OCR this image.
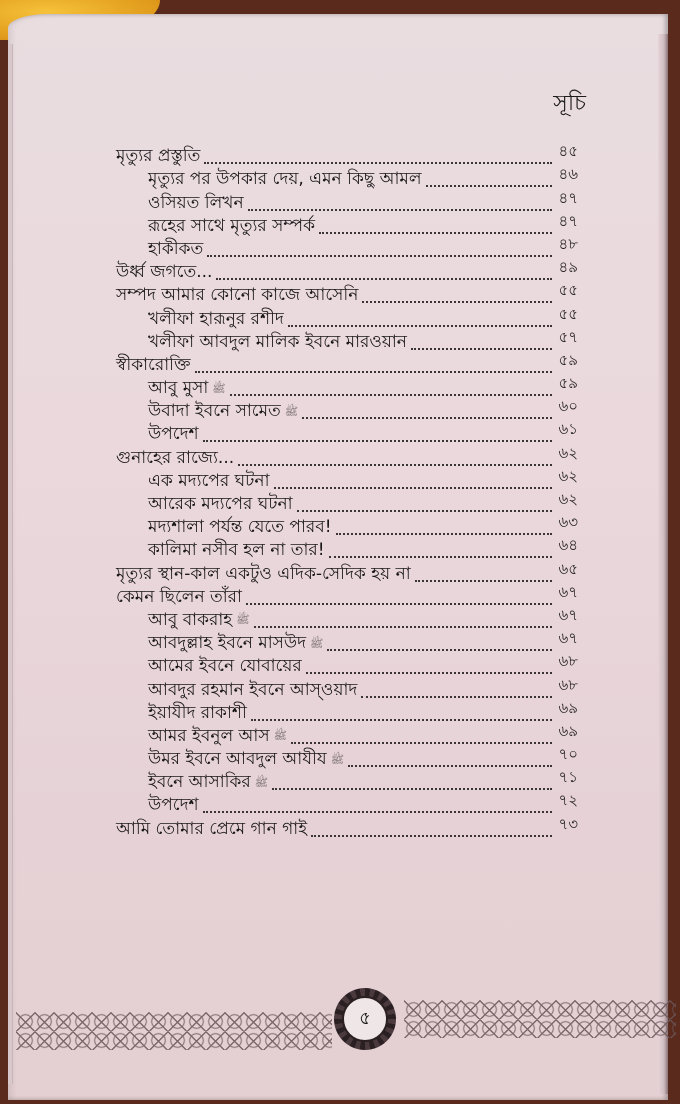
সূচি
মৃত্যুর প্রস্তুতি	৪৫
মৃত্যুর পর উপকার দেয়, এমন কিছু আমল	৪৬
ওসিয়ত লিখন	৪৭
রূহের সাথে মৃত্যুর সম্পর্ক	৪৭
হাকীকত	৪৮
উর্ধ্ব জগতে...	৪৯
সম্পদ আমার কোনো কাজে আসেনি	৫৫
খলীফা হারূনুর রশীদ	৫৫
খলীফা আবদুল মালিক ইবনে মারওয়ান	৫৭
স্বীকারোক্তি	৫৯
আবু মুসা ﷺ	৫৯
উবাদা ইবনে সামেত ﷺ	৬০
উপদেশ	৬১
গুনাহের রাজ্যে...	৬২
এক মদ্যপের ঘটনা	৬২
আরেক মদ্যপের ঘটনা	৬২
মদ্যশালা পর্যন্ত যেতে পারব!	৬৩
কালিমা নসীব হল না তার!	৬৪
মৃত্যুর স্থান-কাল একটুও এদিক-সেদিক হয় না	৬৫
কেমন ছিলেন তাঁরা	৬৭
আবু বাকরাহ ﷺ	৬৭
আবদুল্লাহ ইবনে মাসউদ ﷺ	৬৭
আমের ইবনে যোবায়ের	৬৮
আবদুর রহমান ইবনে আস্‌ওয়াদ	৬৮
ইয়াযীদ রাকাশী	৬৯
আমর ইবনুল আস ﷺ	৬৯
উমর ইবনে আবদুল আযীয ﷺ	৭০
ইবনে আসাকির ﷺ	৭১
উপদেশ	৭২
আমি তোমার প্রেমে গান গাই	৭৩
৫
